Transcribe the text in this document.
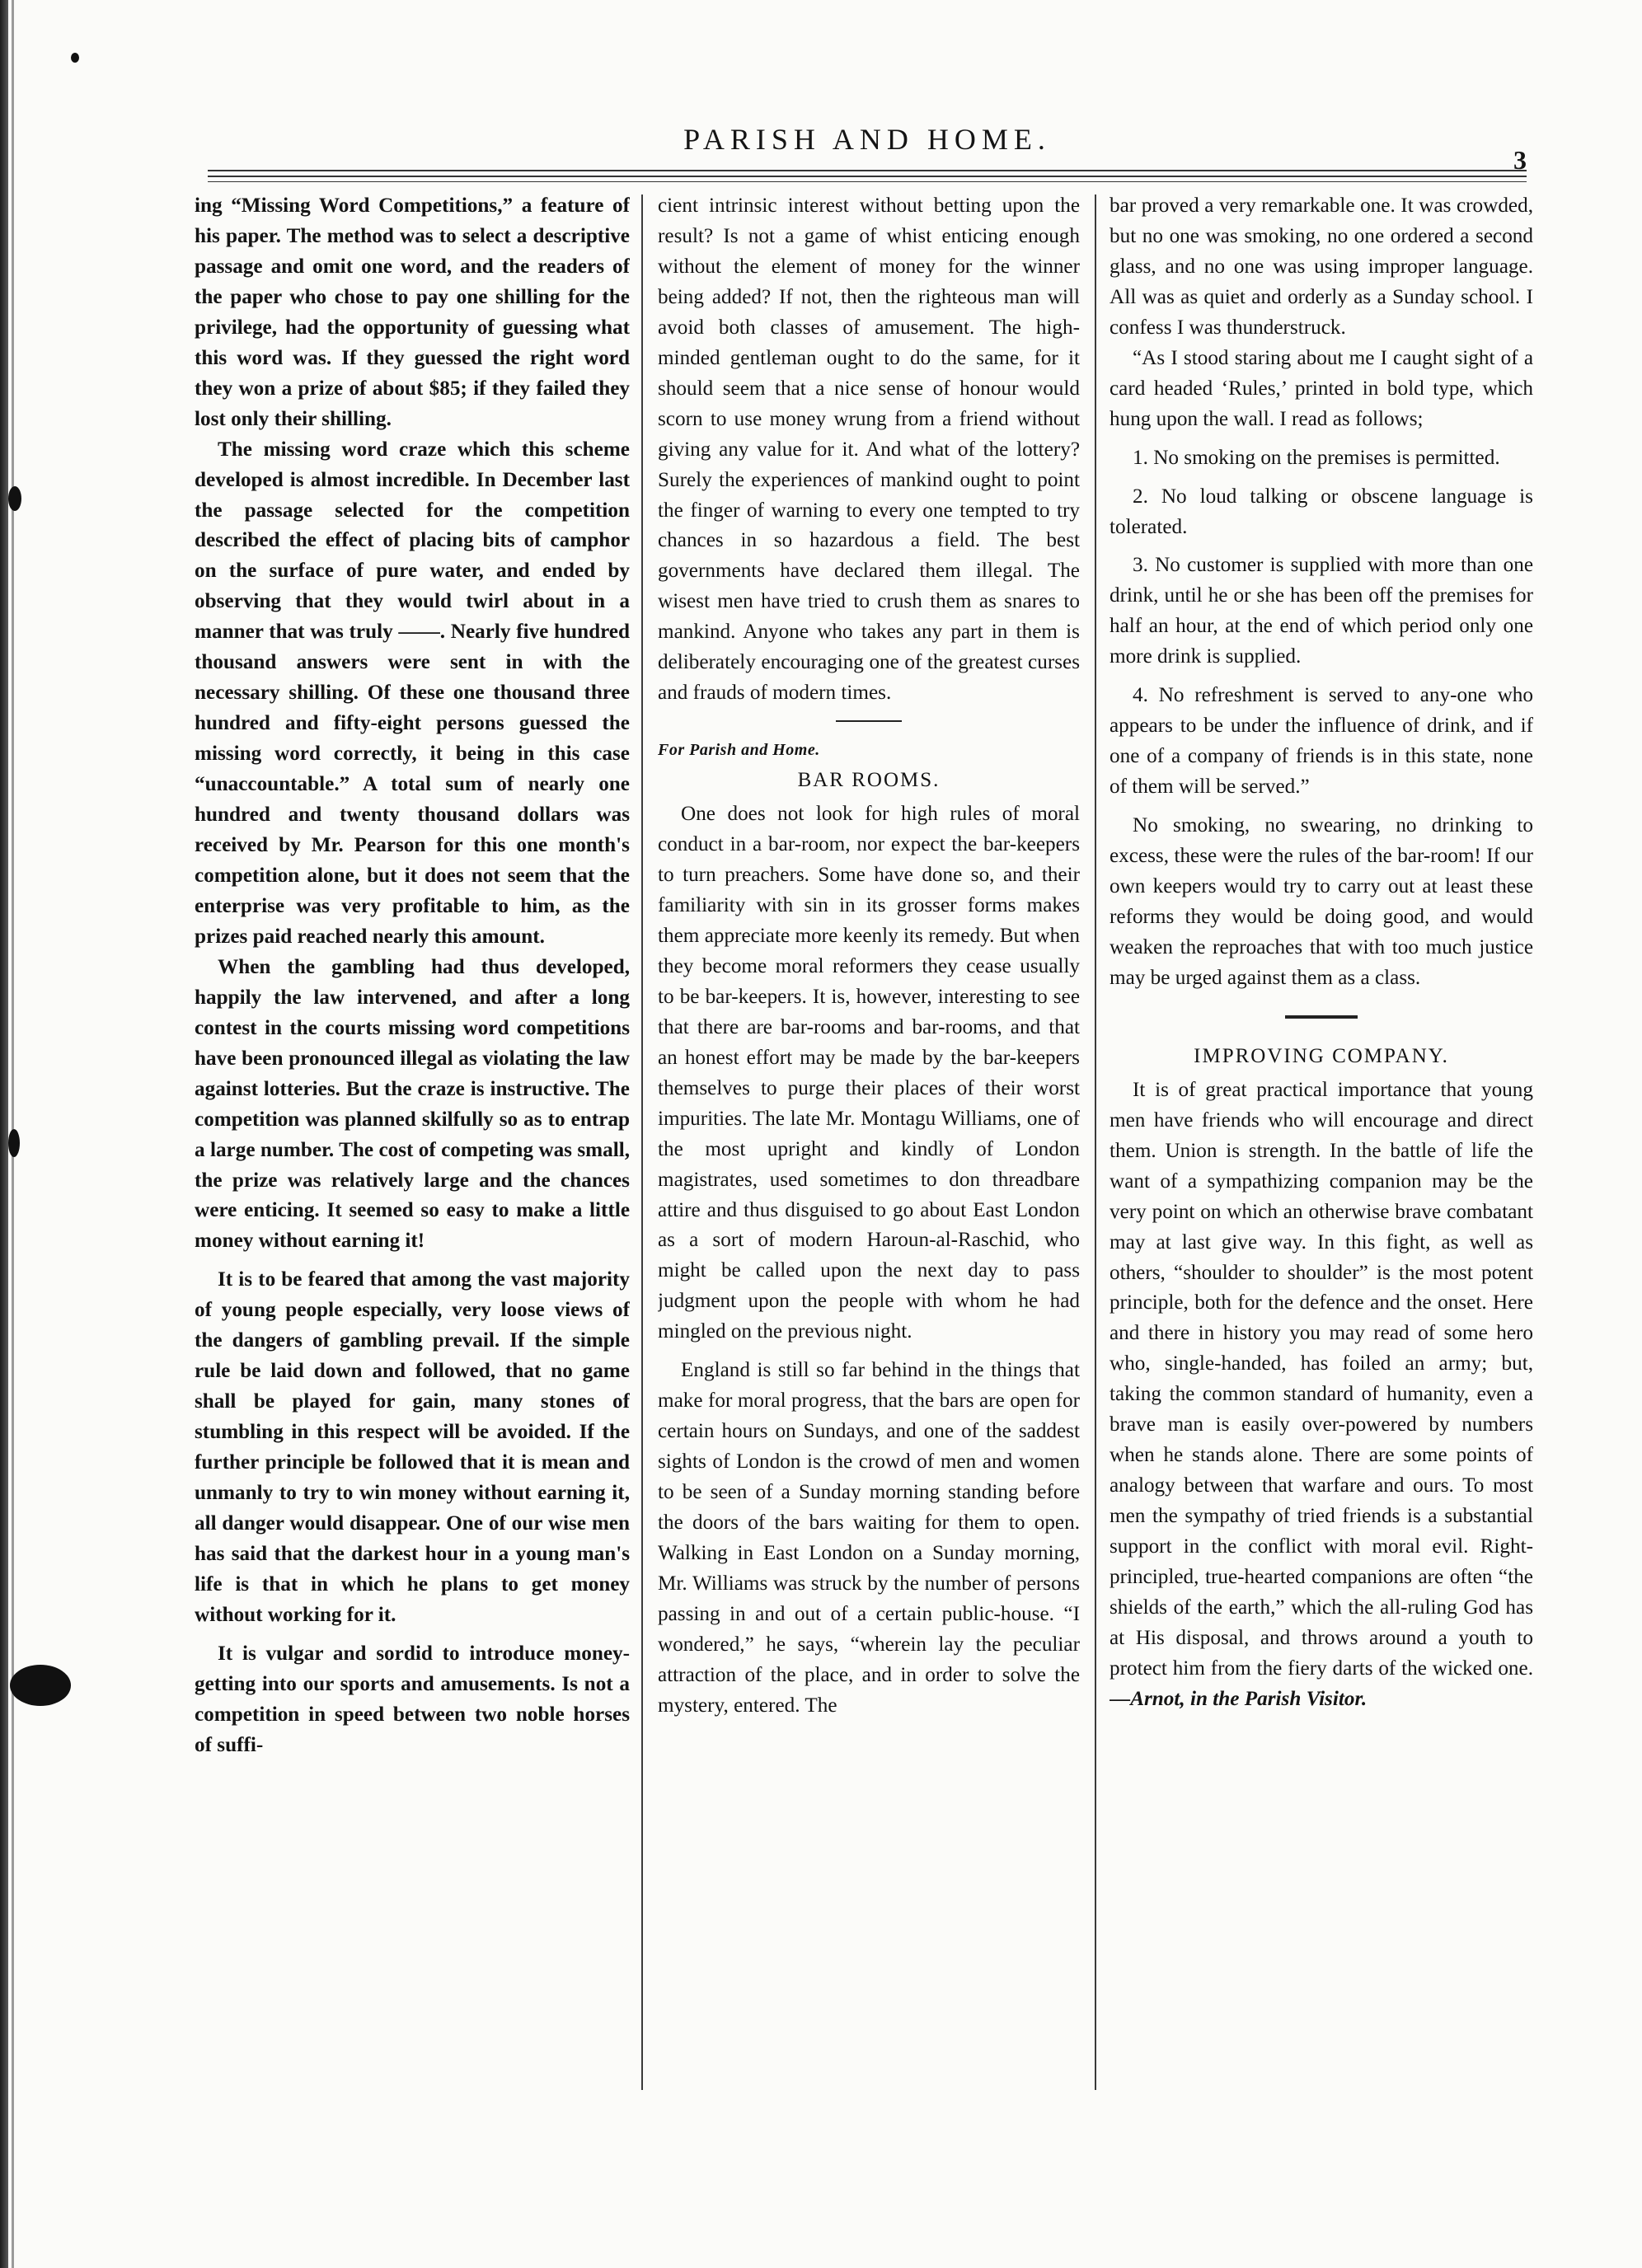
PARISH AND HOME.
3

ing “Missing Word Competitions,” a feature of his paper. The method was to select a descriptive passage and omit one word, and the readers of the paper who chose to pay one shilling for the privilege, had the opportunity of guessing what this word was. If they guessed the right word they won a prize of about $85; if they failed they lost only their shilling.

The missing word craze which this scheme developed is almost incredible. In December last the passage selected for the competition described the effect of placing bits of camphor on the surface of pure water, and ended by observing that they would twirl about in a manner that was truly ——. Nearly five hundred thousand answers were sent in with the necessary shilling. Of these one thousand three hundred and fifty-eight persons guessed the missing word correctly, it being in this case “unaccountable.” A total sum of nearly one hundred and twenty thousand dollars was received by Mr. Pearson for this one month's competition alone, but it does not seem that the enterprise was very profitable to him, as the prizes paid reached nearly this amount.

When the gambling had thus developed, happily the law intervened, and after a long contest in the courts missing word competitions have been pronounced illegal as violating the law against lotteries. But the craze is instructive. The competition was planned skilfully so as to entrap a large number. The cost of competing was small, the prize was relatively large and the chances were enticing. It seemed so easy to make a little money without earning it!

It is to be feared that among the vast majority of young people especially, very loose views of the dangers of gambling prevail. If the simple rule be laid down and followed, that no game shall be played for gain, many stones of stumbling in this respect will be avoided. If the further principle be followed that it is mean and unmanly to try to win money without earning it, all danger would disappear. One of our wise men has said that the darkest hour in a young man's life is that in which he plans to get money without working for it.

It is vulgar and sordid to introduce money-getting into our sports and amusements. Is not a competition in speed between two noble horses of suffi-

cient intrinsic interest without betting upon the result? Is not a game of whist enticing enough without the element of money for the winner being added? If not, then the righteous man will avoid both classes of amusement. The high-minded gentleman ought to do the same, for it should seem that a nice sense of honour would scorn to use money wrung from a friend without giving any value for it. And what of the lottery? Surely the experiences of mankind ought to point the finger of warning to every one tempted to try chances in so hazardous a field. The best governments have declared them illegal. The wisest men have tried to crush them as snares to mankind. Anyone who takes any part in them is deliberately encouraging one of the greatest curses and frauds of modern times.

For Parish and Home.

BAR ROOMS.

One does not look for high rules of moral conduct in a bar-room, nor expect the bar-keepers to turn preachers. Some have done so, and their familiarity with sin in its grosser forms makes them appreciate more keenly its remedy. But when they become moral reformers they cease usually to be bar-keepers. It is, however, interesting to see that there are bar-rooms and bar-rooms, and that an honest effort may be made by the bar-keepers themselves to purge their places of their worst impurities. The late Mr. Montagu Williams, one of the most upright and kindly of London magistrates, used sometimes to don threadbare attire and thus disguised to go about East London as a sort of modern Haroun-al-Raschid, who might be called upon the next day to pass judgment upon the people with whom he had mingled on the previous night.

England is still so far behind in the things that make for moral progress, that the bars are open for certain hours on Sundays, and one of the saddest sights of London is the crowd of men and women to be seen of a Sunday morning standing before the doors of the bars waiting for them to open. Walking in East London on a Sunday morning, Mr. Williams was struck by the number of persons passing in and out of a certain public-house. “I wondered,” he says, “wherein lay the peculiar attraction of the place, and in order to solve the mystery, entered. The

bar proved a very remarkable one. It was crowded, but no one was smoking, no one ordered a second glass, and no one was using improper language. All was as quiet and orderly as a Sunday school. I confess I was thunderstruck.

“As I stood staring about me I caught sight of a card headed ‘Rules,’ printed in bold type, which hung upon the wall. I read as follows;

1. No smoking on the premises is permitted.

2. No loud talking or obscene language is tolerated.

3. No customer is supplied with more than one drink, until he or she has been off the premises for half an hour, at the end of which period only one more drink is supplied.

4. No refreshment is served to any-one who appears to be under the influence of drink, and if one of a company of friends is in this state, none of them will be served.”

No smoking, no swearing, no drinking to excess, these were the rules of the bar-room! If our own keepers would try to carry out at least these reforms they would be doing good, and would weaken the reproaches that with too much justice may be urged against them as a class.

IMPROVING COMPANY.

It is of great practical importance that young men have friends who will encourage and direct them. Union is strength. In the battle of life the want of a sympathizing companion may be the very point on which an otherwise brave combatant may at last give way. In this fight, as well as others, “shoulder to shoulder” is the most potent principle, both for the defence and the onset. Here and there in history you may read of some hero who, single-handed, has foiled an army; but, taking the common standard of humanity, even a brave man is easily over-powered by numbers when he stands alone. There are some points of analogy between that warfare and ours. To most men the sympathy of tried friends is a substantial support in the conflict with moral evil. Right-principled, true-hearted companions are often “the shields of the earth,” which the all-ruling God has at His disposal, and throws around a youth to protect him from the fiery darts of the wicked one. —Arnot, in the Parish Visitor.
